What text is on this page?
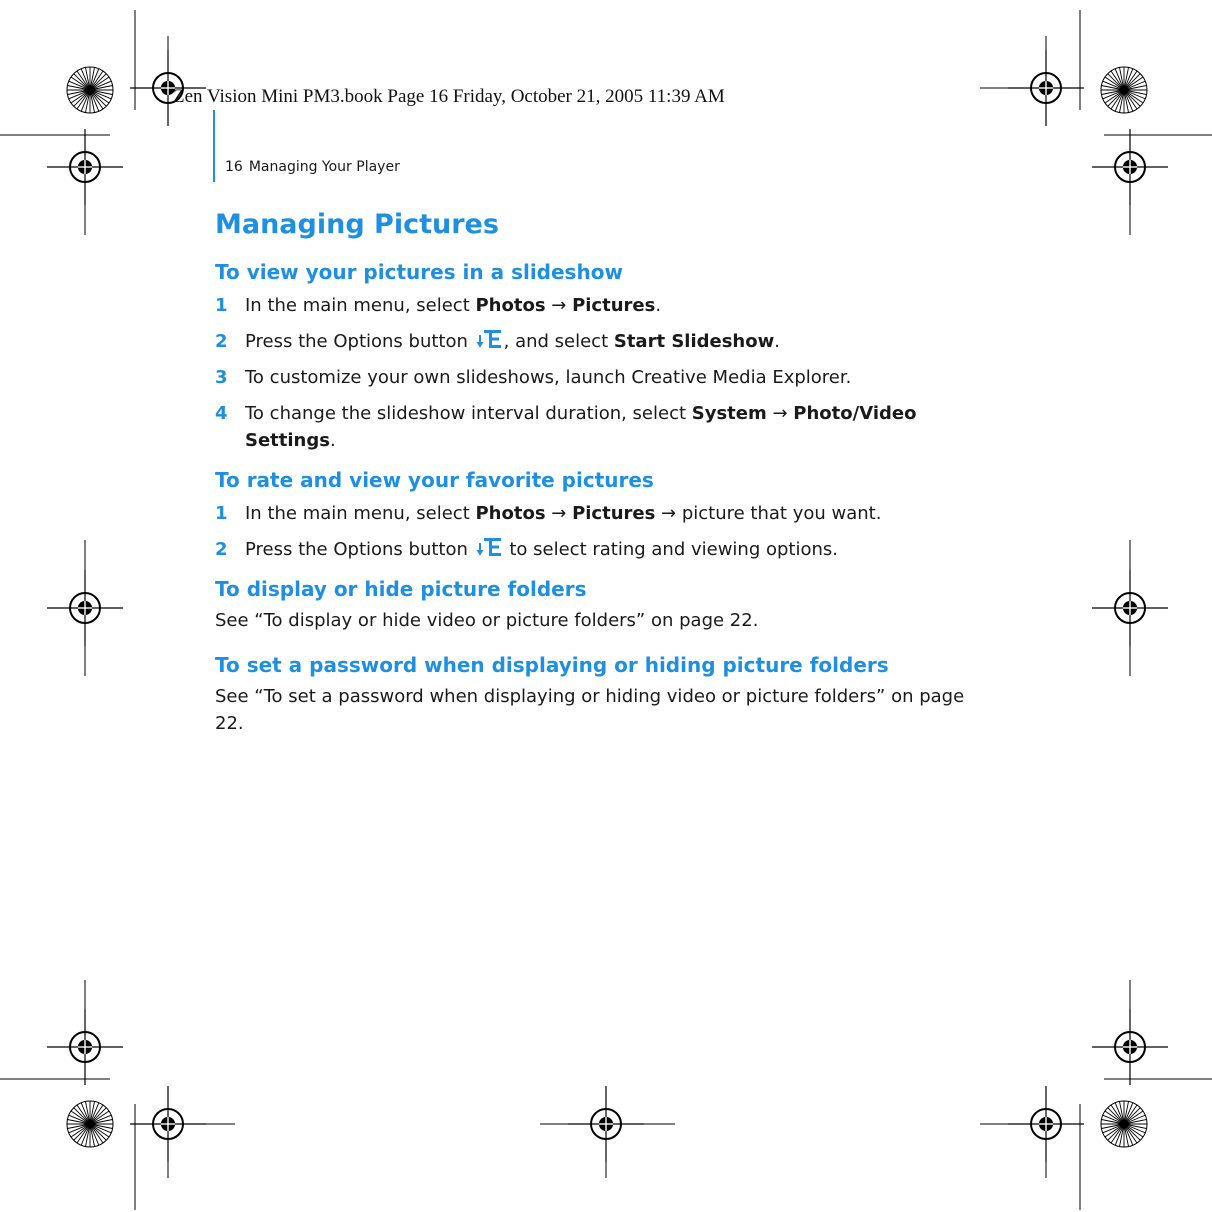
Zen Vision Mini PM3.book Page 16 Friday, October 21, 2005 11:39 AM
16 Managing Your Player
Managing Pictures
To view your pictures in a slideshow
1 In the main menu, select Photos → Pictures.
2 Press the Options button , and select Start Slideshow.
3 To customize your own slideshows, launch Creative Media Explorer.
4 To change the slideshow interval duration, select System → Photo/Video Settings.
To rate and view your favorite pictures
1 In the main menu, select Photos → Pictures → picture that you want.
2 Press the Options button  to select rating and viewing options.
To display or hide picture folders

See “To display or hide video or picture folders” on page 22.

To set a password when displaying or hiding picture folders

See “To set a password when displaying or hiding video or picture folders” on page 22.
